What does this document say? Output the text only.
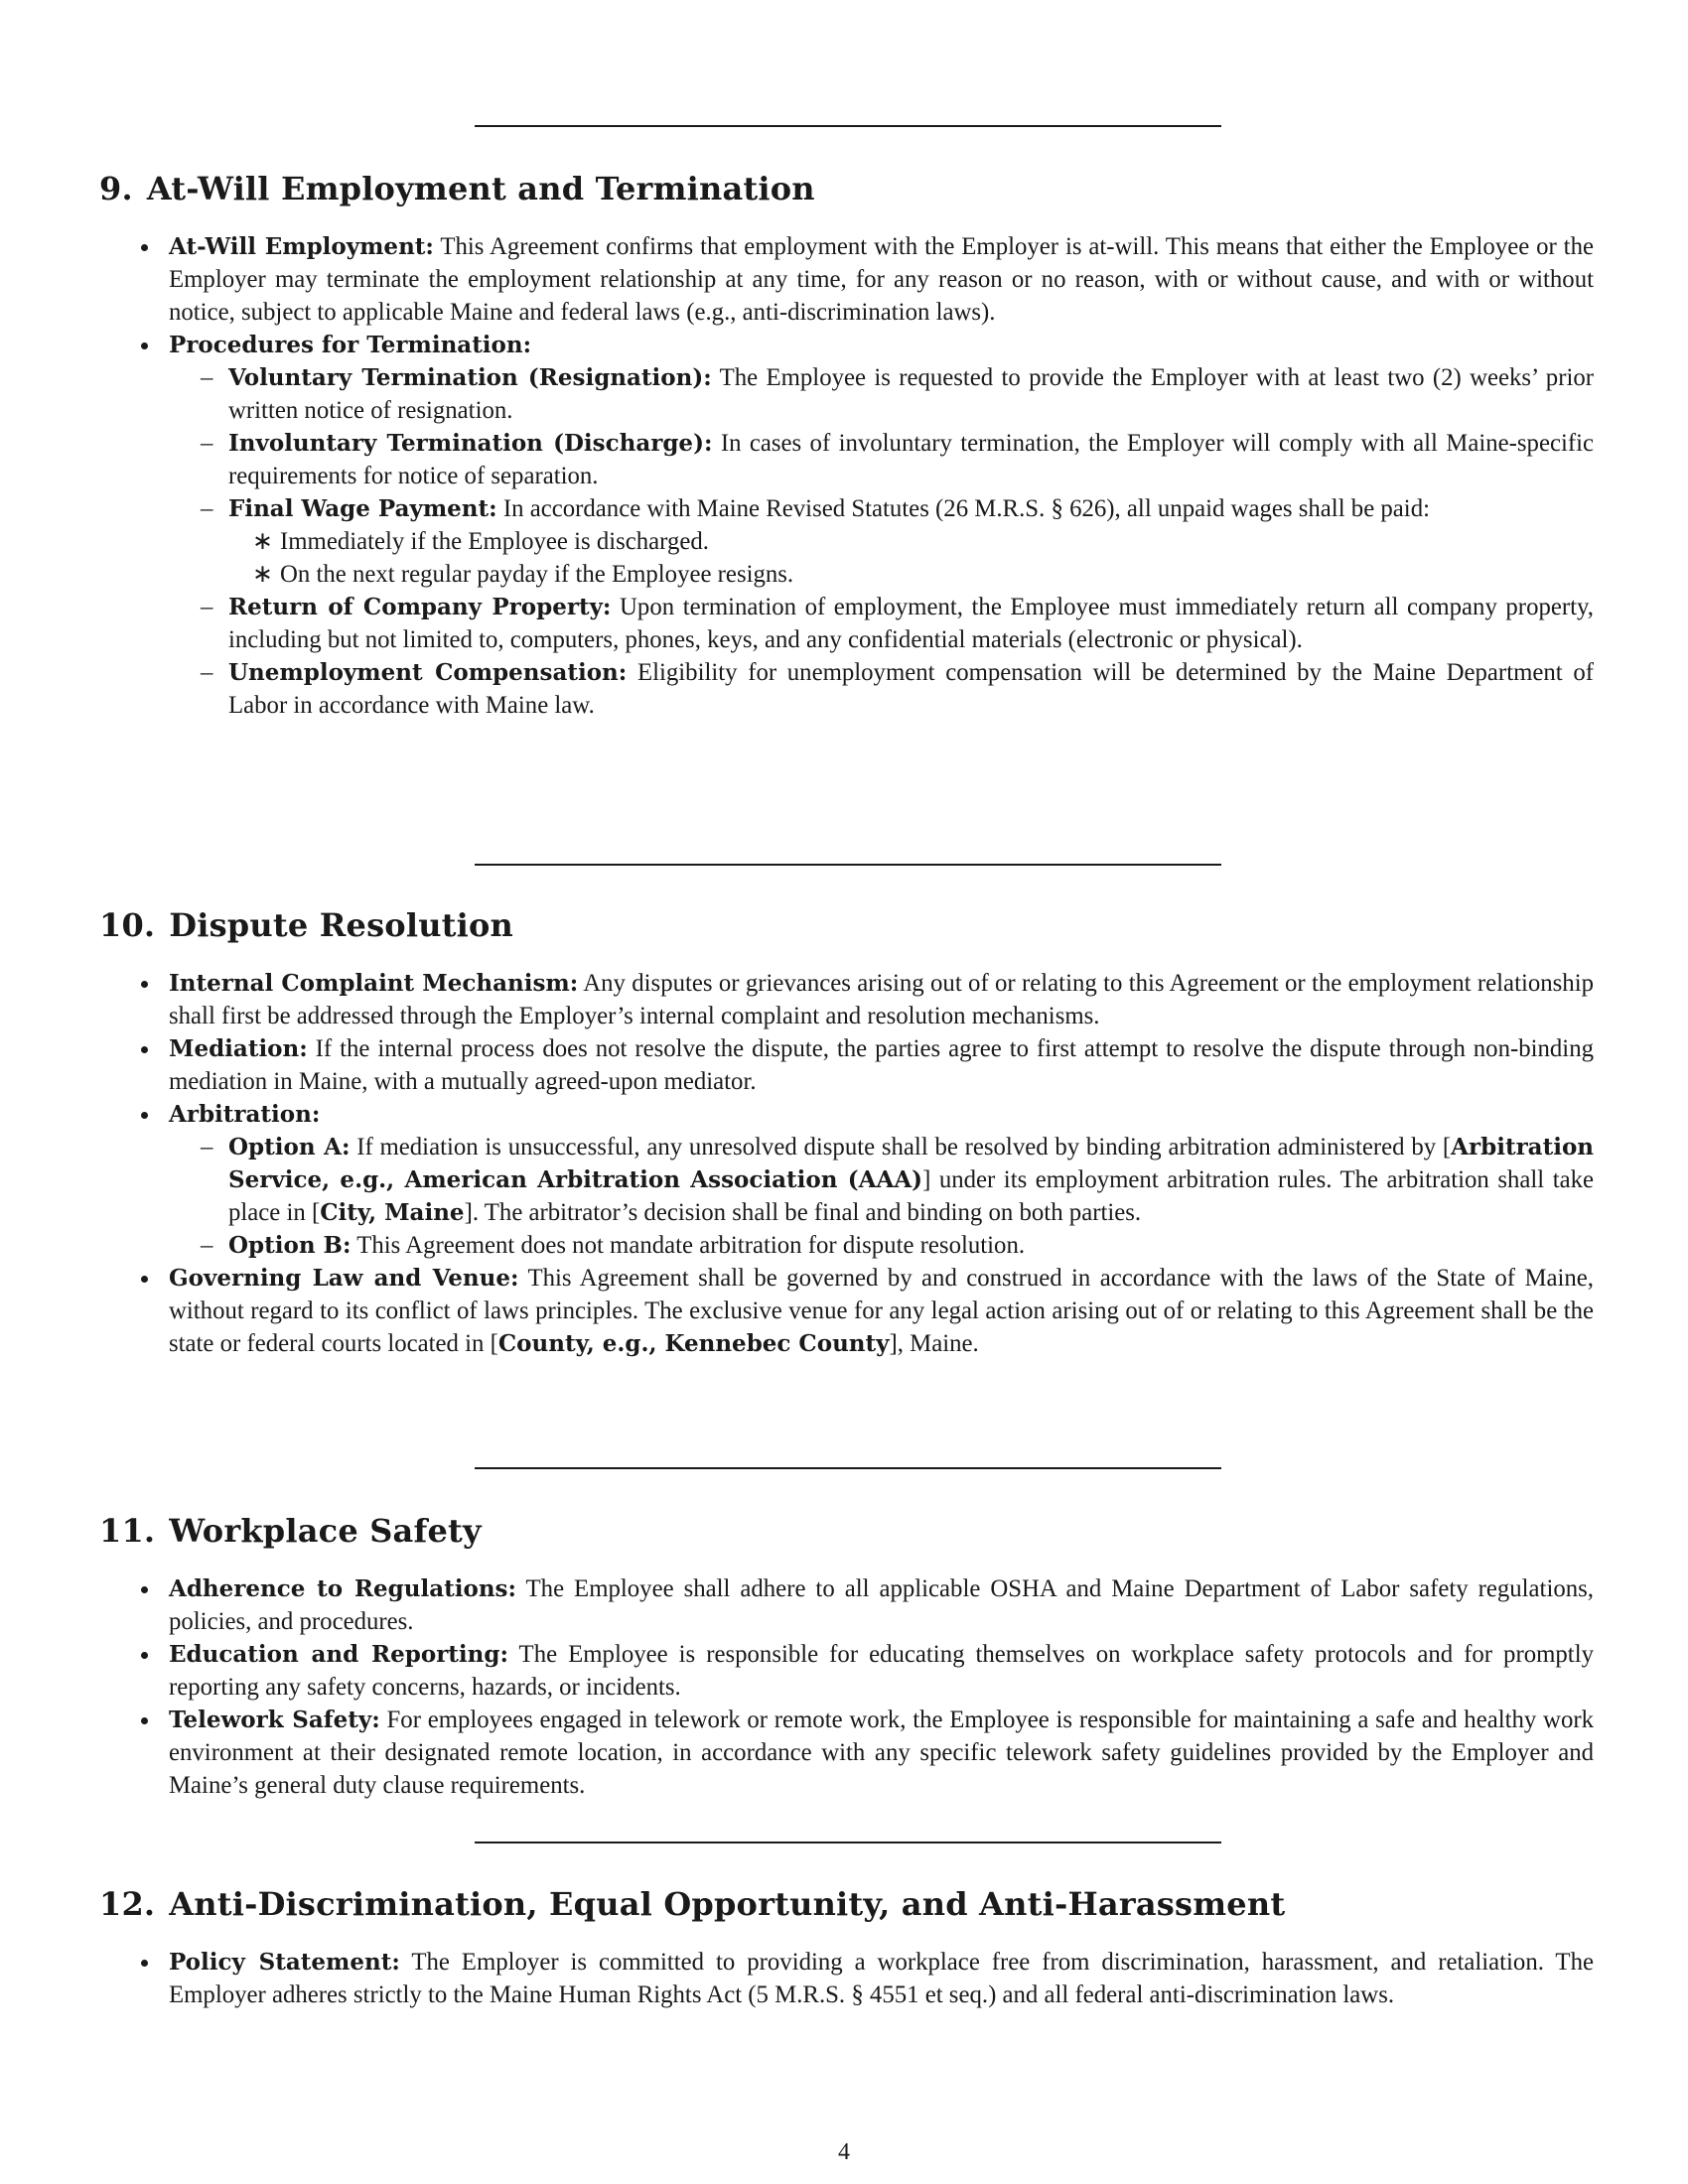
9. At-Will Employment and Termination
At-Will Employment: This Agreement confirms that employment with the Employer is at-will. This means that either the Employee or the Employer may terminate the employment relationship at any time, for any reason or no reason, with or without cause, and with or without notice, subject to applicable Maine and federal laws (e.g., anti-discrimination laws).
Procedures for Termination:
– Voluntary Termination (Resignation): The Employee is requested to provide the Employer with at least two (2) weeks’ prior written notice of resignation.
– Involuntary Termination (Discharge): In cases of involuntary termination, the Employer will comply with all Maine-specific requirements for notice of separation.
– Final Wage Payment: In accordance with Maine Revised Statutes (26 M.R.S. § 626), all unpaid wages shall be paid:
∗ Immediately if the Employee is discharged.
∗ On the next regular payday if the Employee resigns.
– Return of Company Property: Upon termination of employment, the Employee must immediately return all company property, including but not limited to, computers, phones, keys, and any confidential materials (electronic or physical).
– Unemployment Compensation: Eligibility for unemployment compensation will be determined by the Maine Department of Labor in accordance with Maine law.
10. Dispute Resolution
Internal Complaint Mechanism: Any disputes or grievances arising out of or relating to this Agreement or the employment relationship shall first be addressed through the Employer’s internal complaint and resolution mechanisms.
Mediation: If the internal process does not resolve the dispute, the parties agree to first attempt to resolve the dispute through non-binding mediation in Maine, with a mutually agreed-upon mediator.
Arbitration:
– Option A: If mediation is unsuccessful, any unresolved dispute shall be resolved by binding arbitration administered by [Arbitration Service, e.g., American Arbitration Association (AAA)] under its employment arbitration rules. The arbitration shall take place in [City, Maine]. The arbitrator’s decision shall be final and binding on both parties.
– Option B: This Agreement does not mandate arbitration for dispute resolution.
Governing Law and Venue: This Agreement shall be governed by and construed in accordance with the laws of the State of Maine, without regard to its conflict of laws principles. The exclusive venue for any legal action arising out of or relating to this Agreement shall be the state or federal courts located in [County, e.g., Kennebec County], Maine.
11. Workplace Safety
Adherence to Regulations: The Employee shall adhere to all applicable OSHA and Maine Department of Labor safety regulations, policies, and procedures.
Education and Reporting: The Employee is responsible for educating themselves on workplace safety protocols and for promptly reporting any safety concerns, hazards, or incidents.
Telework Safety: For employees engaged in telework or remote work, the Employee is responsible for maintaining a safe and healthy work environment at their designated remote location, in accordance with any specific telework safety guidelines provided by the Employer and Maine’s general duty clause requirements.
12. Anti-Discrimination, Equal Opportunity, and Anti-Harassment
Policy Statement: The Employer is committed to providing a workplace free from discrimination, harassment, and retaliation. The Employer adheres strictly to the Maine Human Rights Act (5 M.R.S. § 4551 et seq.) and all federal anti-discrimination laws.
4
